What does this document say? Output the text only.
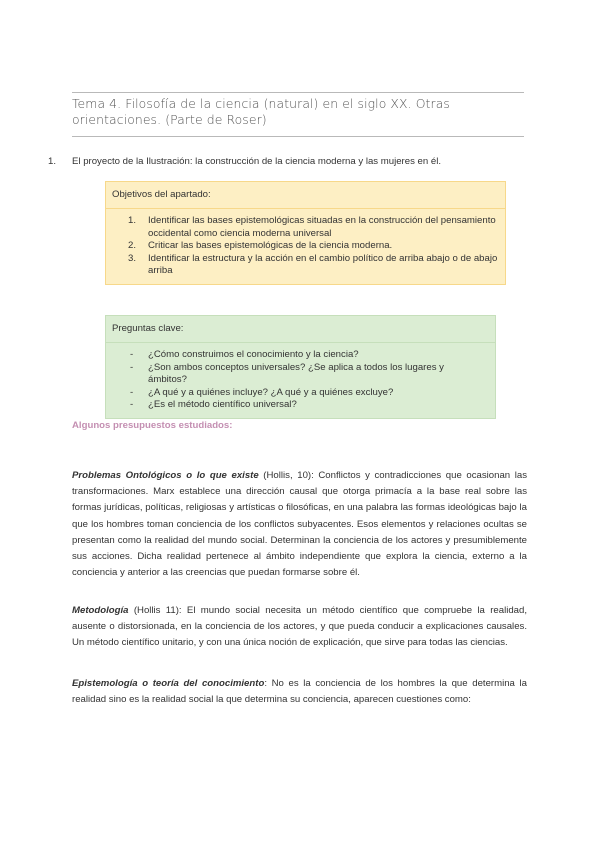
Tema 4. Filosofía de la ciencia (natural) en el siglo XX. Otras orientaciones. (Parte de Roser)
1. El proyecto de la Ilustración: la construcción de la ciencia moderna y las mujeres en él.
Objetivos del apartado:
1. Identificar las bases epistemológicas situadas en la construcción del pensamiento occidental como ciencia moderna universal
2. Criticar las bases epistemológicas de la ciencia moderna.
3. Identificar la estructura y la acción en el cambio político de arriba abajo o de abajo arriba
Preguntas clave:
- ¿Cómo construimos el conocimiento y la ciencia?
- ¿Son ambos conceptos universales? ¿Se aplica a todos los lugares y ámbitos?
- ¿A qué y a quiénes incluye? ¿A qué y a quiénes excluye?
- ¿Es el método científico universal?
Algunos presupuestos estudiados:

Problemas Ontológicos o lo que existe (Hollis, 10): Conflictos y contradicciones que ocasionan las transformaciones. Marx establece una dirección causal que otorga primacía a la base real sobre las formas jurídicas, políticas, religiosas y artísticas o filosóficas, en una palabra las formas ideológicas bajo la que los hombres toman conciencia de los conflictos subyacentes. Esos elementos y relaciones ocultas se presentan como la realidad del mundo social. Determinan la conciencia de los actores y presumiblemente sus acciones. Dicha realidad pertenece al ámbito independiente que explora la ciencia, externo a la conciencia y anterior a las creencias que puedan formarse sobre él.

Metodología (Hollis 11): El mundo social necesita un método científico que compruebe la realidad, ausente o distorsionada, en la conciencia de los actores, y que pueda conducir a explicaciones causales. Un método científico unitario, y con una única noción de explicación, que sirve para todas las ciencias.

Epistemología o teoría del conocimiento: No es la conciencia de los hombres la que determina la realidad sino es la realidad social la que determina su conciencia, aparecen cuestiones como:
